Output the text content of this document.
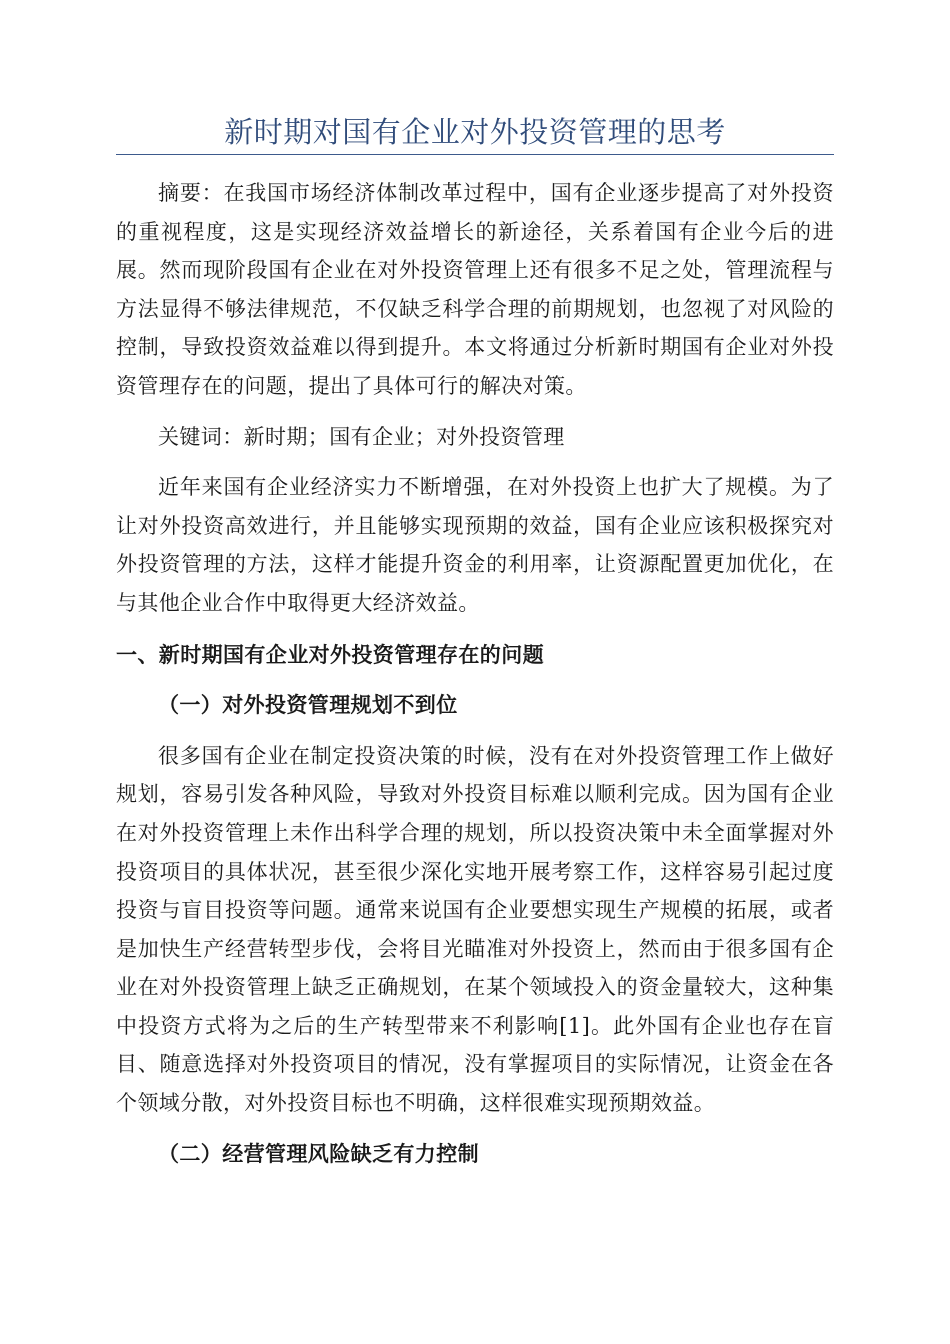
新时期对国有企业对外投资管理的思考

摘要：在我国市场经济体制改革过程中，国有企业逐步提高了对外投资的重视程度，这是实现经济效益增长的新途径，关系着国有企业今后的进展。然而现阶段国有企业在对外投资管理上还有很多不足之处，管理流程与方法显得不够法律规范，不仅缺乏科学合理的前期规划，也忽视了对风险的控制，导致投资效益难以得到提升。本文将通过分析新时期国有企业对外投资管理存在的问题，提出了具体可行的解决对策。

关键词：新时期；国有企业；对外投资管理

近年来国有企业经济实力不断增强，在对外投资上也扩大了规模。为了让对外投资高效进行，并且能够实现预期的效益，国有企业应该积极探究对外投资管理的方法，这样才能提升资金的利用率，让资源配置更加优化，在与其他企业合作中取得更大经济效益。

一、新时期国有企业对外投资管理存在的问题
（一）对外投资管理规划不到位

很多国有企业在制定投资决策的时候，没有在对外投资管理工作上做好规划，容易引发各种风险，导致对外投资目标难以顺利完成。因为国有企业在对外投资管理上未作出科学合理的规划，所以投资决策中未全面掌握对外投资项目的具体状况，甚至很少深化实地开展考察工作，这样容易引起过度投资与盲目投资等问题。通常来说国有企业要想实现生产规模的拓展，或者是加快生产经营转型步伐，会将目光瞄准对外投资上，然而由于很多国有企业在对外投资管理上缺乏正确规划，在某个领域投入的资金量较大，这种集中投资方式将为之后的生产转型带来不利影响[1]。此外国有企业也存在盲目、随意选择对外投资项目的情况，没有掌握项目的实际情况，让资金在各个领域分散，对外投资目标也不明确，这样很难实现预期效益。

（二）经营管理风险缺乏有力控制
